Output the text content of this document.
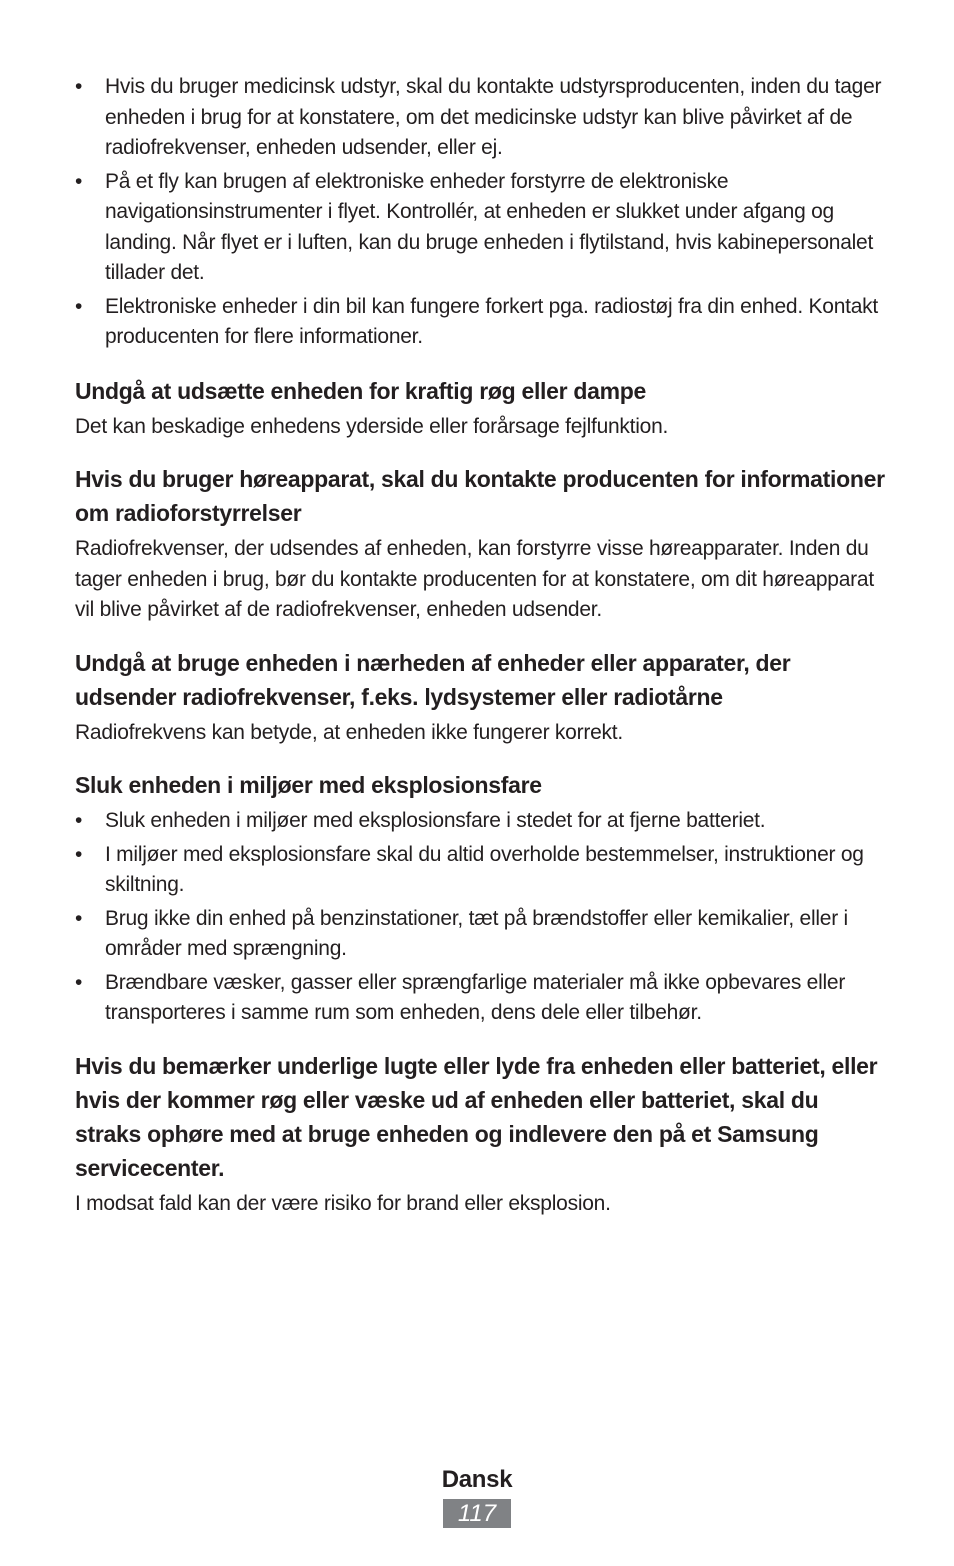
•	Hvis du bruger medicinsk udstyr, skal du kontakte udstyrsproducenten, inden du tager enheden i brug for at konstatere, om det medicinske udstyr kan blive påvirket af de radiofrekvenser, enheden udsender, eller ej.
•	På et fly kan brugen af elektroniske enheder forstyrre de elektroniske navigationsinstrumenter i flyet. Kontrollér, at enheden er slukket under afgang og landing. Når flyet er i luften, kan du bruge enheden i flytilstand, hvis kabinepersonalet tillader det.
•	Elektroniske enheder i din bil kan fungere forkert pga. radiostøj fra din enhed. Kontakt producenten for flere informationer.
Undgå at udsætte enheden for kraftig røg eller dampe

Det kan beskadige enhedens yderside eller forårsage fejlfunktion.

Hvis du bruger høreapparat, skal du kontakte producenten for informationer om radioforstyrrelser

Radiofrekvenser, der udsendes af enheden, kan forstyrre visse høreapparater. Inden du tager enheden i brug, bør du kontakte producenten for at konstatere, om dit høreapparat vil blive påvirket af de radiofrekvenser, enheden udsender.

Undgå at bruge enheden i nærheden af enheder eller apparater, der udsender radiofrekvenser, f.eks. lydsystemer eller radiotårne

Radiofrekvens kan betyde, at enheden ikke fungerer korrekt.

Sluk enheden i miljøer med eksplosionsfare
•	Sluk enheden i miljøer med eksplosionsfare i stedet for at fjerne batteriet.
•	I miljøer med eksplosionsfare skal du altid overholde bestemmelser, instruktioner og skiltning.
•	Brug ikke din enhed på benzinstationer, tæt på brændstoffer eller kemikalier, eller i områder med sprængning.
•	Brændbare væsker, gasser eller sprængfarlige materialer må ikke opbevares eller transporteres i samme rum som enheden, dens dele eller tilbehør.
Hvis du bemærker underlige lugte eller lyde fra enheden eller batteriet, eller hvis der kommer røg eller væske ud af enheden eller batteriet, skal du straks ophøre med at bruge enheden og indlevere den på et Samsung servicecenter.

I modsat fald kan der være risiko for brand eller eksplosion.

Dansk
117
